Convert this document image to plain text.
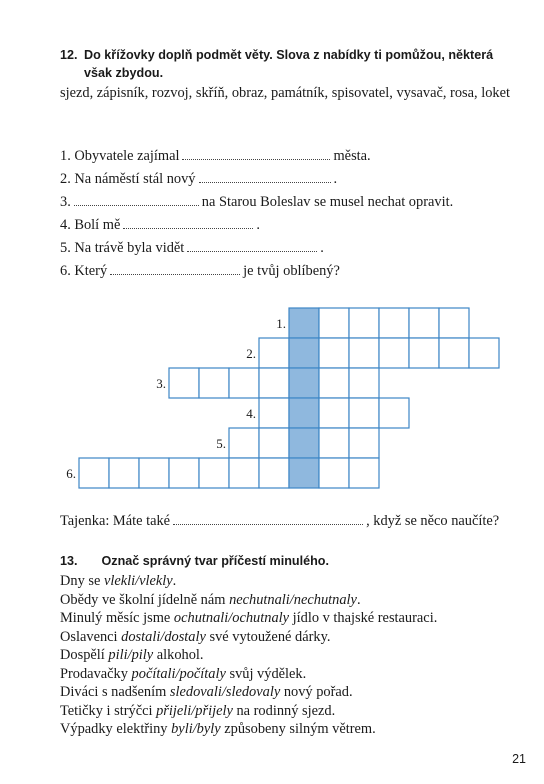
12. Do křížovky doplň podmět věty. Slova z nabídky ti pomůžou, některá však zbydou.
sjezd, zápisník, rozvoj, skříň, obraz, památník, spisovatel, vysavač, rosa, loket
1. Obyvatele zajímal	města.
2. Na náměstí stál nový	.
3.	na Starou Boleslav se musel nechat opravit.
4. Bolí mě	.
5. Na trávě byla vidět	.
6. Který	je tvůj oblíbený?
1.
2.
3.
4.
5.
6.
Tajenka: Máte také	, když se něco naučíte?
13. Označ správný tvar příčestí minulého.
Dny se vlekli/vlekly.
Obědy ve školní jídelně nám nechutnali/nechutnaly.
Minulý měsíc jsme ochutnali/ochutnaly jídlo v thajské restauraci.
Oslavenci dostali/dostaly své vytoužené dárky.
Dospělí pili/pily alkohol.
Prodavačky počítali/počítaly svůj výdělek.
Diváci s nadšením sledovali/sledovaly nový pořad.
Tetičky i strýčci přijeli/přijely na rodinný sjezd.
Výpadky elektřiny byli/byly způsobeny silným větrem.
21
